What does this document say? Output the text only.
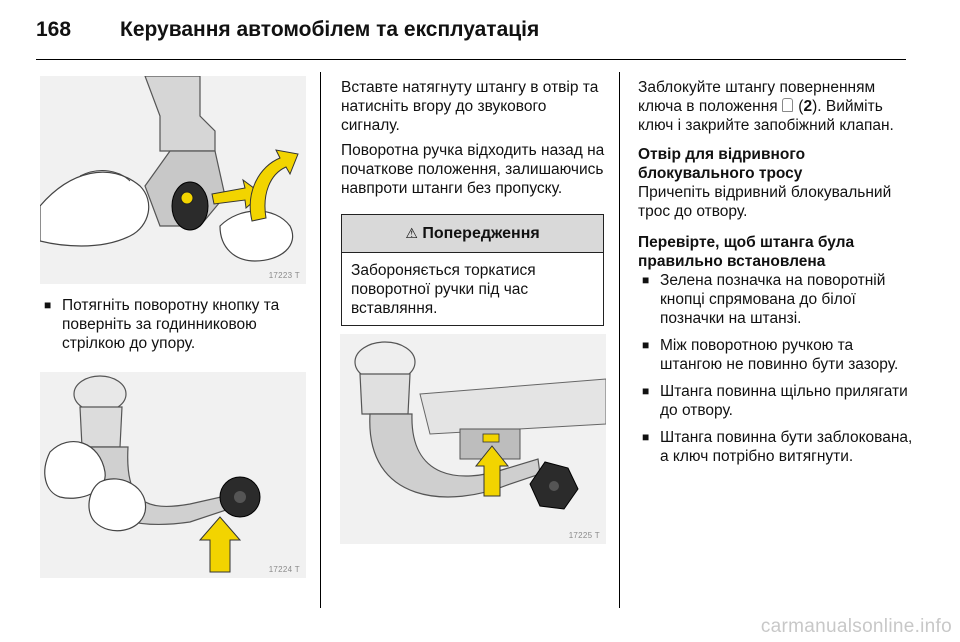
168 Керування автомобілем та експлуатація
17223 T
■ Потягніть поворотну кнопку та поверніть за годинниковою стрілкою до упору.
17224 T

Вставте натягнуту штангу в отвір та натисніть вгору до звукового сигналу.

Поворотна ручка відходить назад на початкове положення, залишаючись навпроти штанги без пропуску.

⚠ Попередження
Забороняється торкатися поворотної ручки під час вставляння.
17225 T

Заблокуйте штангу поверненням ключа в положення  (2). Вийміть ключ і закрийте запобіжний клапан.

Отвір для відривного блокувального тросу

Причепіть відривний блокувальний трос до отвору.

Перевірте, щоб штанга була правильно встановлена

■ Зелена позначка на поворотній кнопці спрямована до білої позначки на штанзі.
■ Між поворотною ручкою та штангою не повинно бути зазору.
■ Штанга повинна щільно прилягати до отвору.
■ Штанга повинна бути заблокована, а ключ потрібно витягнути.
carmanualsonline.info
